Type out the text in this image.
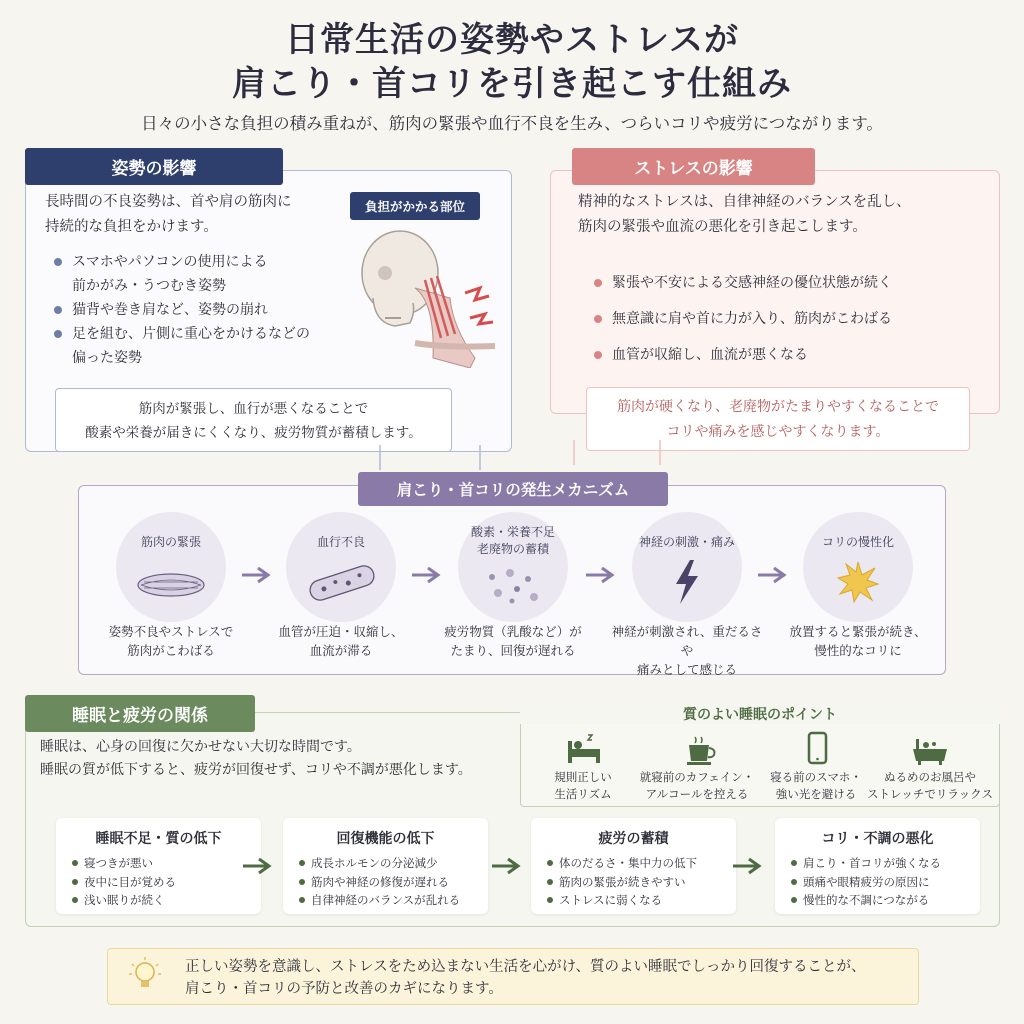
日常生活の姿勢やストレスが
肩こり・首コリを引き起こす仕組み
日々の小さな負担の積み重ねが、筋肉の緊張や血行不良を生み、つらいコリや疲労につながります。
姿勢の影響
長時間の不良姿勢は、首や肩の筋肉に
持続的な負担をかけます。
スマホやパソコンの使用による
前かがみ・うつむき姿勢
猫背や巻き肩など、姿勢の崩れ
足を組む、片側に重心をかけるなどの
偏った姿勢
負担がかかる部位
筋肉が緊張し、血行が悪くなることで
酸素や栄養が届きにくくなり、疲労物質が蓄積します。
ストレスの影響
精神的なストレスは、自律神経のバランスを乱し、
筋肉の緊張や血流の悪化を引き起こします。
緊張や不安による交感神経の優位状態が続く
無意識に肩や首に力が入り、筋肉がこわばる
血管が収縮し、血流が悪くなる
筋肉が硬くなり、老廃物がたまりやすくなることで
コリや痛みを感じやすくなります。
肩こり・首コリの発生メカニズム
筋肉の緊張
姿勢不良やストレスで
筋肉がこわばる
血行不良
血管が圧迫・収縮し、
血流が滞る
酸素・栄養不足
老廃物の蓄積
疲労物質（乳酸など）が
たまり、回復が遅れる
神経の刺激・痛み
神経が刺激され、重だるさや
痛みとして感じる
コリの慢性化
放置すると緊張が続き、
慢性的なコリに
睡眠と疲労の関係
睡眠は、心身の回復に欠かせない大切な時間です。
睡眠の質が低下すると、疲労が回復せず、コリや不調が悪化します。
質のよい睡眠のポイント
規則正しい
生活リズム
就寝前のカフェイン・
アルコールを控える
寝る前のスマホ・
強い光を避ける
ぬるめのお風呂や
ストレッチでリラックス
睡眠不足・質の低下
寝つきが悪い
夜中に目が覚める
浅い眠りが続く
回復機能の低下
成長ホルモンの分泌減少
筋肉や神経の修復が遅れる
自律神経のバランスが乱れる
疲労の蓄積
体のだるさ・集中力の低下
筋肉の緊張が続きやすい
ストレスに弱くなる
コリ・不調の悪化
肩こり・首コリが強くなる
頭痛や眼精疲労の原因に
慢性的な不調につながる
正しい姿勢を意識し、ストレスをため込まない生活を心がけ、質のよい睡眠でしっかり回復することが、
肩こり・首コリの予防と改善のカギになります。
